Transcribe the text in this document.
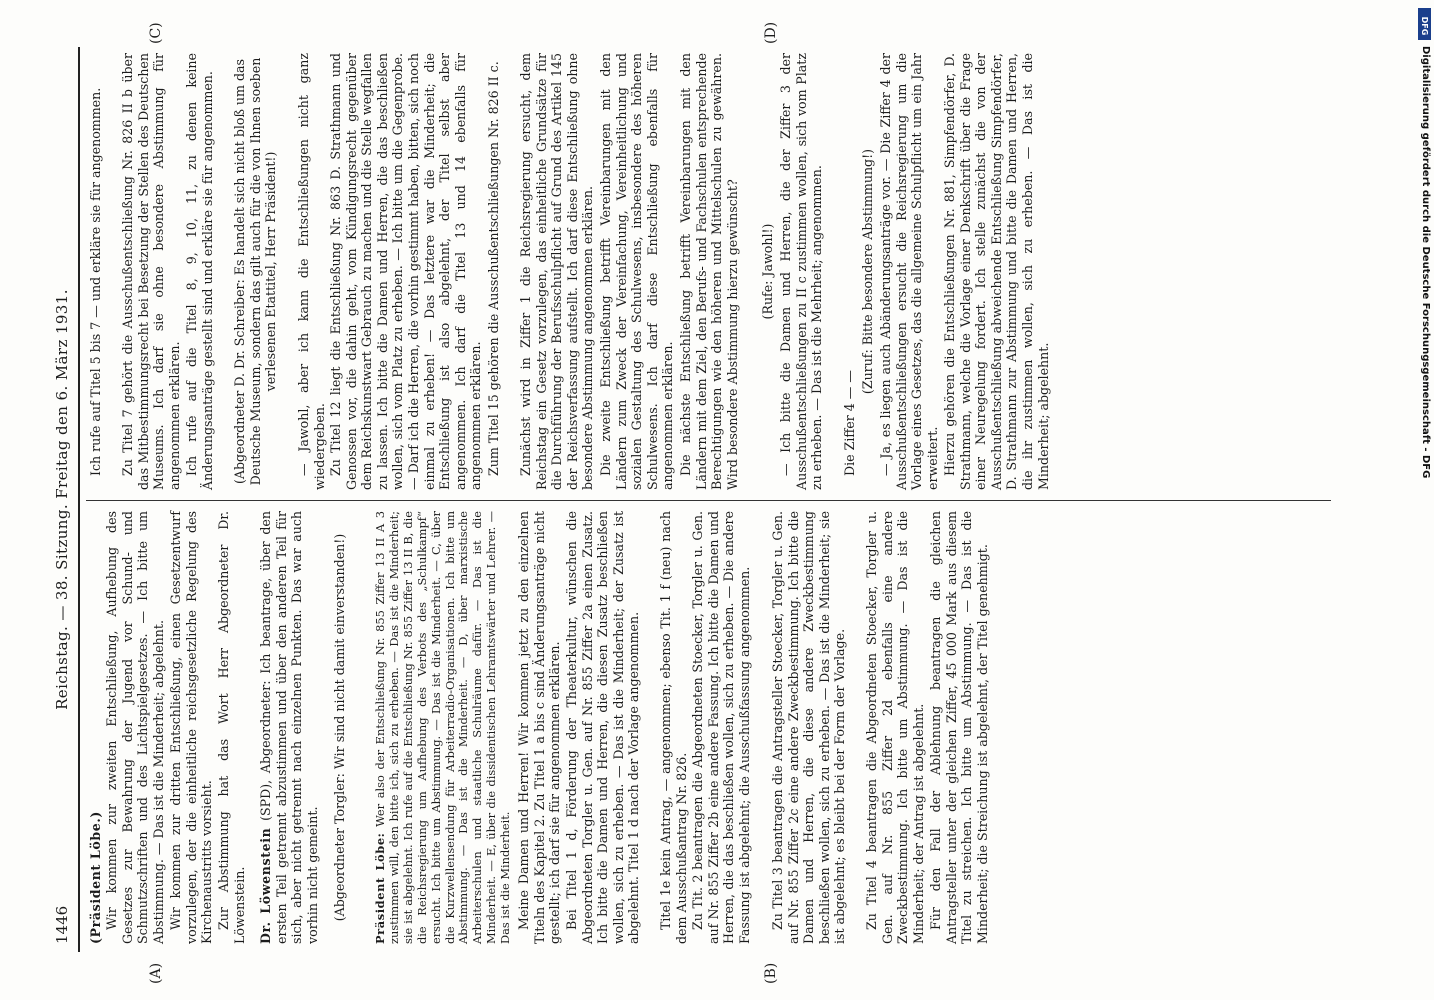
1446
Reichstag. — 38. Sitzung. Freitag den 6. März 1931.

(Präsident Löbe.) Wir kommen zur zweiten Entschließung, Aufhebung des Gesetzes zur Bewahrung der Jugend vor Schund- und Schmutzschriften und des Lichtspielgesetzes. — Ich bitte um Abstimmung. — Das ist die Minderheit; abgelehnt. Wir kommen zur dritten Entschließung, einen Gesetzentwurf vorzulegen, der die einheitliche reichsgesetzliche Regelung des Kirchenaustritts vorsieht. Zur Abstimmung hat das Wort Herr Abgeordneter Dr. Löwenstein. Dr. Löwenstein (SPD), Abgeordneter: Ich beantrage, über den ersten Teil getrennt abzustimmen und über den anderen Teil für sich, aber nicht getrennt nach einzelnen Punkten. Das war auch vorhin nicht gemeint. (Abgeordneter Torgler: Wir sind nicht damit einverstanden!)	Präsident Löbe: Wer also der Entschließung Nr. 855 Ziffer 13 II A 3 zustimmen will, den bitte ich, sich zu erheben. — Das ist die Minderheit; sie ist abgelehnt. Ich rufe auf die Entschließung Nr. 855 Ziffer 13 II B, die die Reichsregierung um Aufhebung des Verbots des „Schulkampf“ ersucht. Ich bitte um Abstimmung. — Das ist die Minderheit. — C, über die Kurzwellensendung für Arbeiterradio-Organisationen. Ich bitte um Abstimmung. — Das ist die Minderheit. — D, über marxistische Arbeiterschulen und staatliche Schulräume dafür. — Das ist die Minderheit. — E, über die dissidentischen Lehramtswärter und Lehrer. — Das ist die Minderheit. Meine Damen und Herren! Wir kommen jetzt zu den einzelnen Titeln des Kapitel 2. Zu Titel 1 a bis c sind Änderungsanträge nicht gestellt; ich darf sie für angenommen erklären. Bei Titel 1 d, Förderung der Theaterkultur, wünschen die Abgeordneten Torgler u. Gen. auf Nr. 855 Ziffer 2a einen Zusatz. Ich bitte die Damen und Herren, die diesen Zusatz beschließen wollen, sich zu erheben. — Das ist die Minderheit; der Zusatz ist abgelehnt. Titel 1 d nach der Vorlage angenommen.	Titel 1e kein Antrag, — angenommen; ebenso Tit. 1 f (neu) nach dem Ausschußantrag Nr. 826. Zu Tit. 2 beantragen die Abgeordneten Stoecker, Torgler u. Gen. auf Nr. 855 Ziffer 2b eine andere Fassung. Ich bitte die Damen und Herren, die das beschließen wollen, sich zu erheben. — Die andere Fassung ist abgelehnt; die Ausschußfassung angenommen.	Zu Titel 3 beantragen die Antragsteller Stoecker, Torgler u. Gen. auf Nr. 855 Ziffer 2c eine andere Zweckbestimmung. Ich bitte die Damen und Herren, die diese andere Zweckbestimmung beschließen wollen, sich zu erheben. — Das ist die Minderheit; sie ist abgelehnt; es bleibt bei der Form der Vorlage.	Zu Titel 4 beantragen die Abgeordneten Stoecker, Torgler u. Gen. auf Nr. 855 Ziffer 2d ebenfalls eine andere Zweckbestimmung. Ich bitte um Abstimmung. — Das ist die Minderheit; der Antrag ist abgelehnt. Für den Fall der Ablehnung beantragen die gleichen Antragsteller unter der gleichen Ziffer, 45 000 Mark aus diesem Titel zu streichen. Ich bitte um Abstimmung. — Das ist die Minderheit; die Streichung ist abgelehnt, der Titel genehmigt.

Ich rufe auf Titel 5 bis 7 — und erkläre sie für angenommen.	Zu Titel 7 gehört die Ausschußentschließung Nr. 826 II b über das Mitbestimmungsrecht bei Besetzung der Stellen des Deutschen Museums. Ich darf sie ohne besondere Abstimmung für angenommen erklären. Ich rufe auf die Titel 8, 9, 10, 11, zu denen keine Änderungsanträge gestellt sind und erkläre sie für angenommen.	(Abgeordneter D. Dr. Schreiber: Es handelt sich nicht bloß um das Deutsche Museum, sondern das gilt auch für die von Ihnen soeben verlesenen Etattitel, Herr Präsident!)	— Jawohl, aber ich kann die Entschließungen nicht ganz wiedergeben. Zu Titel 12 liegt die Entschließung Nr. 863 D. Strathmann und Genossen vor, die dahin geht, vom Kündigungsrecht gegenüber dem Reichskunstwart Gebrauch zu machen und die Stelle wegfallen zu lassen. Ich bitte die Damen und Herren, die das beschließen wollen, sich vom Platz zu erheben. — Ich bitte um die Gegenprobe. — Darf ich die Herren, die vorhin gestimmt haben, bitten, sich noch einmal zu erheben! — Das letztere war die Minderheit; die Entschließung ist also abgelehnt, der Titel selbst aber angenommen. Ich darf die Titel 13 und 14 ebenfalls für angenommen erklären. Zum Titel 15 gehören die Ausschußentschließungen Nr. 826 II c.	Zunächst wird in Ziffer 1 die Reichsregierung ersucht, dem Reichstag ein Gesetz vorzulegen, das einheitliche Grundsätze für die Durchführung der Berufsschulpflicht auf Grund des Artikel 145 der Reichsverfassung aufstellt. Ich darf diese Entschließung ohne besondere Abstimmung angenommen erklären. Die zweite Entschließung betrifft Vereinbarungen mit den Ländern zum Zweck der Vereinfachung, Vereinheitlichung und sozialen Gestaltung des Schulwesens, insbesondere des höheren Schulwesens. Ich darf diese Entschließung ebenfalls für angenommen erklären. Die nächste Entschließung betrifft Vereinbarungen mit den Ländern mit dem Ziel, den Berufs- und Fachschulen entsprechende Berechtigungen wie den höheren und Mittelschulen zu gewähren. Wird besondere Abstimmung hierzu gewünscht?	(Rufe: Jawohl!) — Ich bitte die Damen und Herren, die der Ziffer 3 der Ausschußentschließungen zu II c zustimmen wollen, sich vom Platz zu erheben. — Das ist die Mehrheit; angenommen.	Die Ziffer 4 — —

(Zuruf: Bitte besondere Abstimmung!) — Ja, es liegen auch Abänderungsanträge vor. — Die Ziffer 4 der Ausschußentschließungen ersucht die Reichsregierung um die Vorlage eines Gesetzes, das die allgemeine Schulpflicht um ein Jahr erweitert. Hierzu gehören die Entschließungen Nr. 881, Simpfendörfer, D. Strathmann, welche die Vorlage einer Denkschrift über die Frage einer Neuregelung fordert. Ich stelle zunächst die von der Ausschußentschließung abweichende Entschließung Simpfendörfer, D. Strathmann zur Abstimmung und bitte die Damen und Herren, die ihr zustimmen wollen, sich zu erheben. — Das ist die Minderheit; abgelehnt.

(A)	(B)
(C)	(D)	DFG
Digitalisierung gefördert durch die Deutsche Forschungsgemeinschaft - DFG
